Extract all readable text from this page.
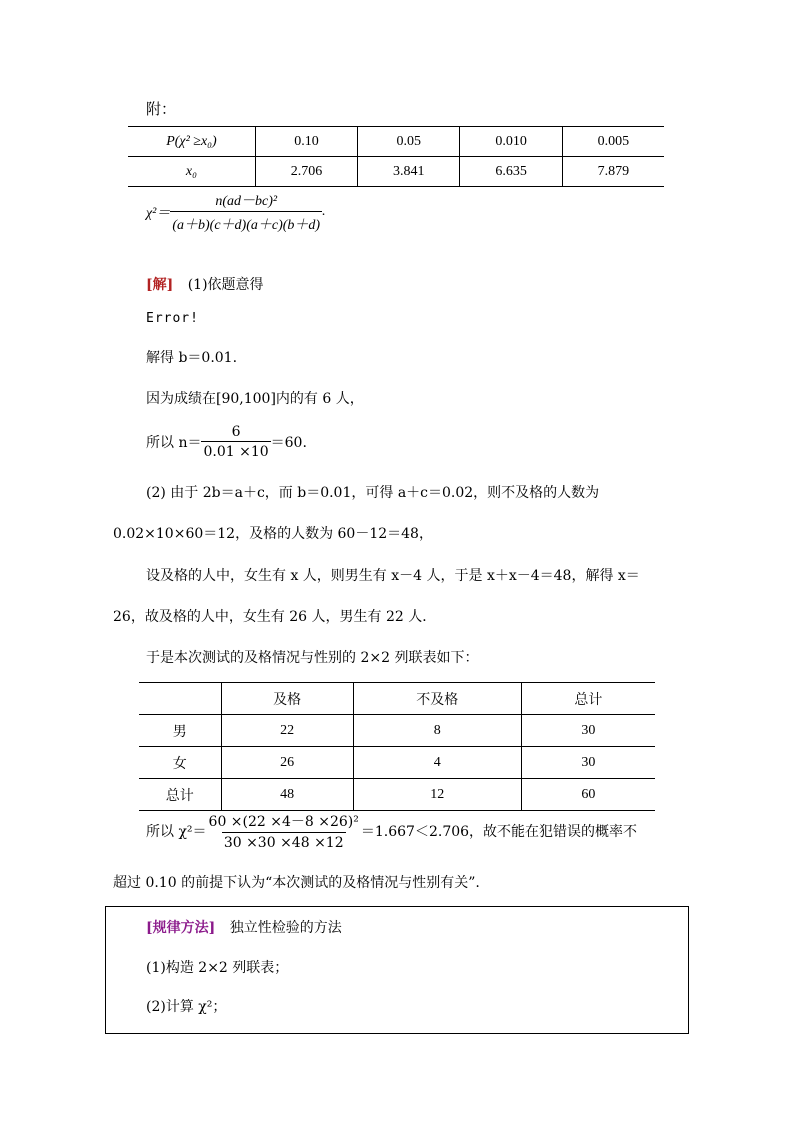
附：
P(χ² ≥x₀)	0.10	0.05	0.010	0.005
x₀	2.706	3.841	6.635	7.879
$\chi^2= \frac{\text{n(ad－bc)²}}{(a+b)(c+d)(a+c)(b+d)}$ .
[解] (1)依题意得
Error!
解得 b＝0.01.
因为成绩在[90,100]内的有 6 人，
所以 $n= \frac{6}{0.01 \times 10} =60$.
(2) 由于 2b＝a＋c，而 b＝0.01，可得 a＋c＝0.02，则不及格的人数为
0.02×10×60＝12，及格的人数为 60－12＝48，
设及格的人中，女生有 x 人，则男生有 x－4 人，于是 x＋x－4＝48，解得 x＝
26，故及格的人中，女生有 26 人，男生有 22 人．
于是本次测试的及格情况与性别的 2×2 列联表如下：
	及格	不及格	总计
男	22	8	30
女	26	4	30
总计	48	12	60
所以 $\chi^2= \frac{\text{60 ×(22 ×4－8 ×26)²}}{30 \times 30 \times 48 \times 12} =1.667<2.706$，故不能在犯错误的概率不
超过 0.10 的前提下认为“本次测试的及格情况与性别有关”.
[规律方法] 独立性检验的方法
(1)构造 2×2 列联表；
(2)计算 χ²；
